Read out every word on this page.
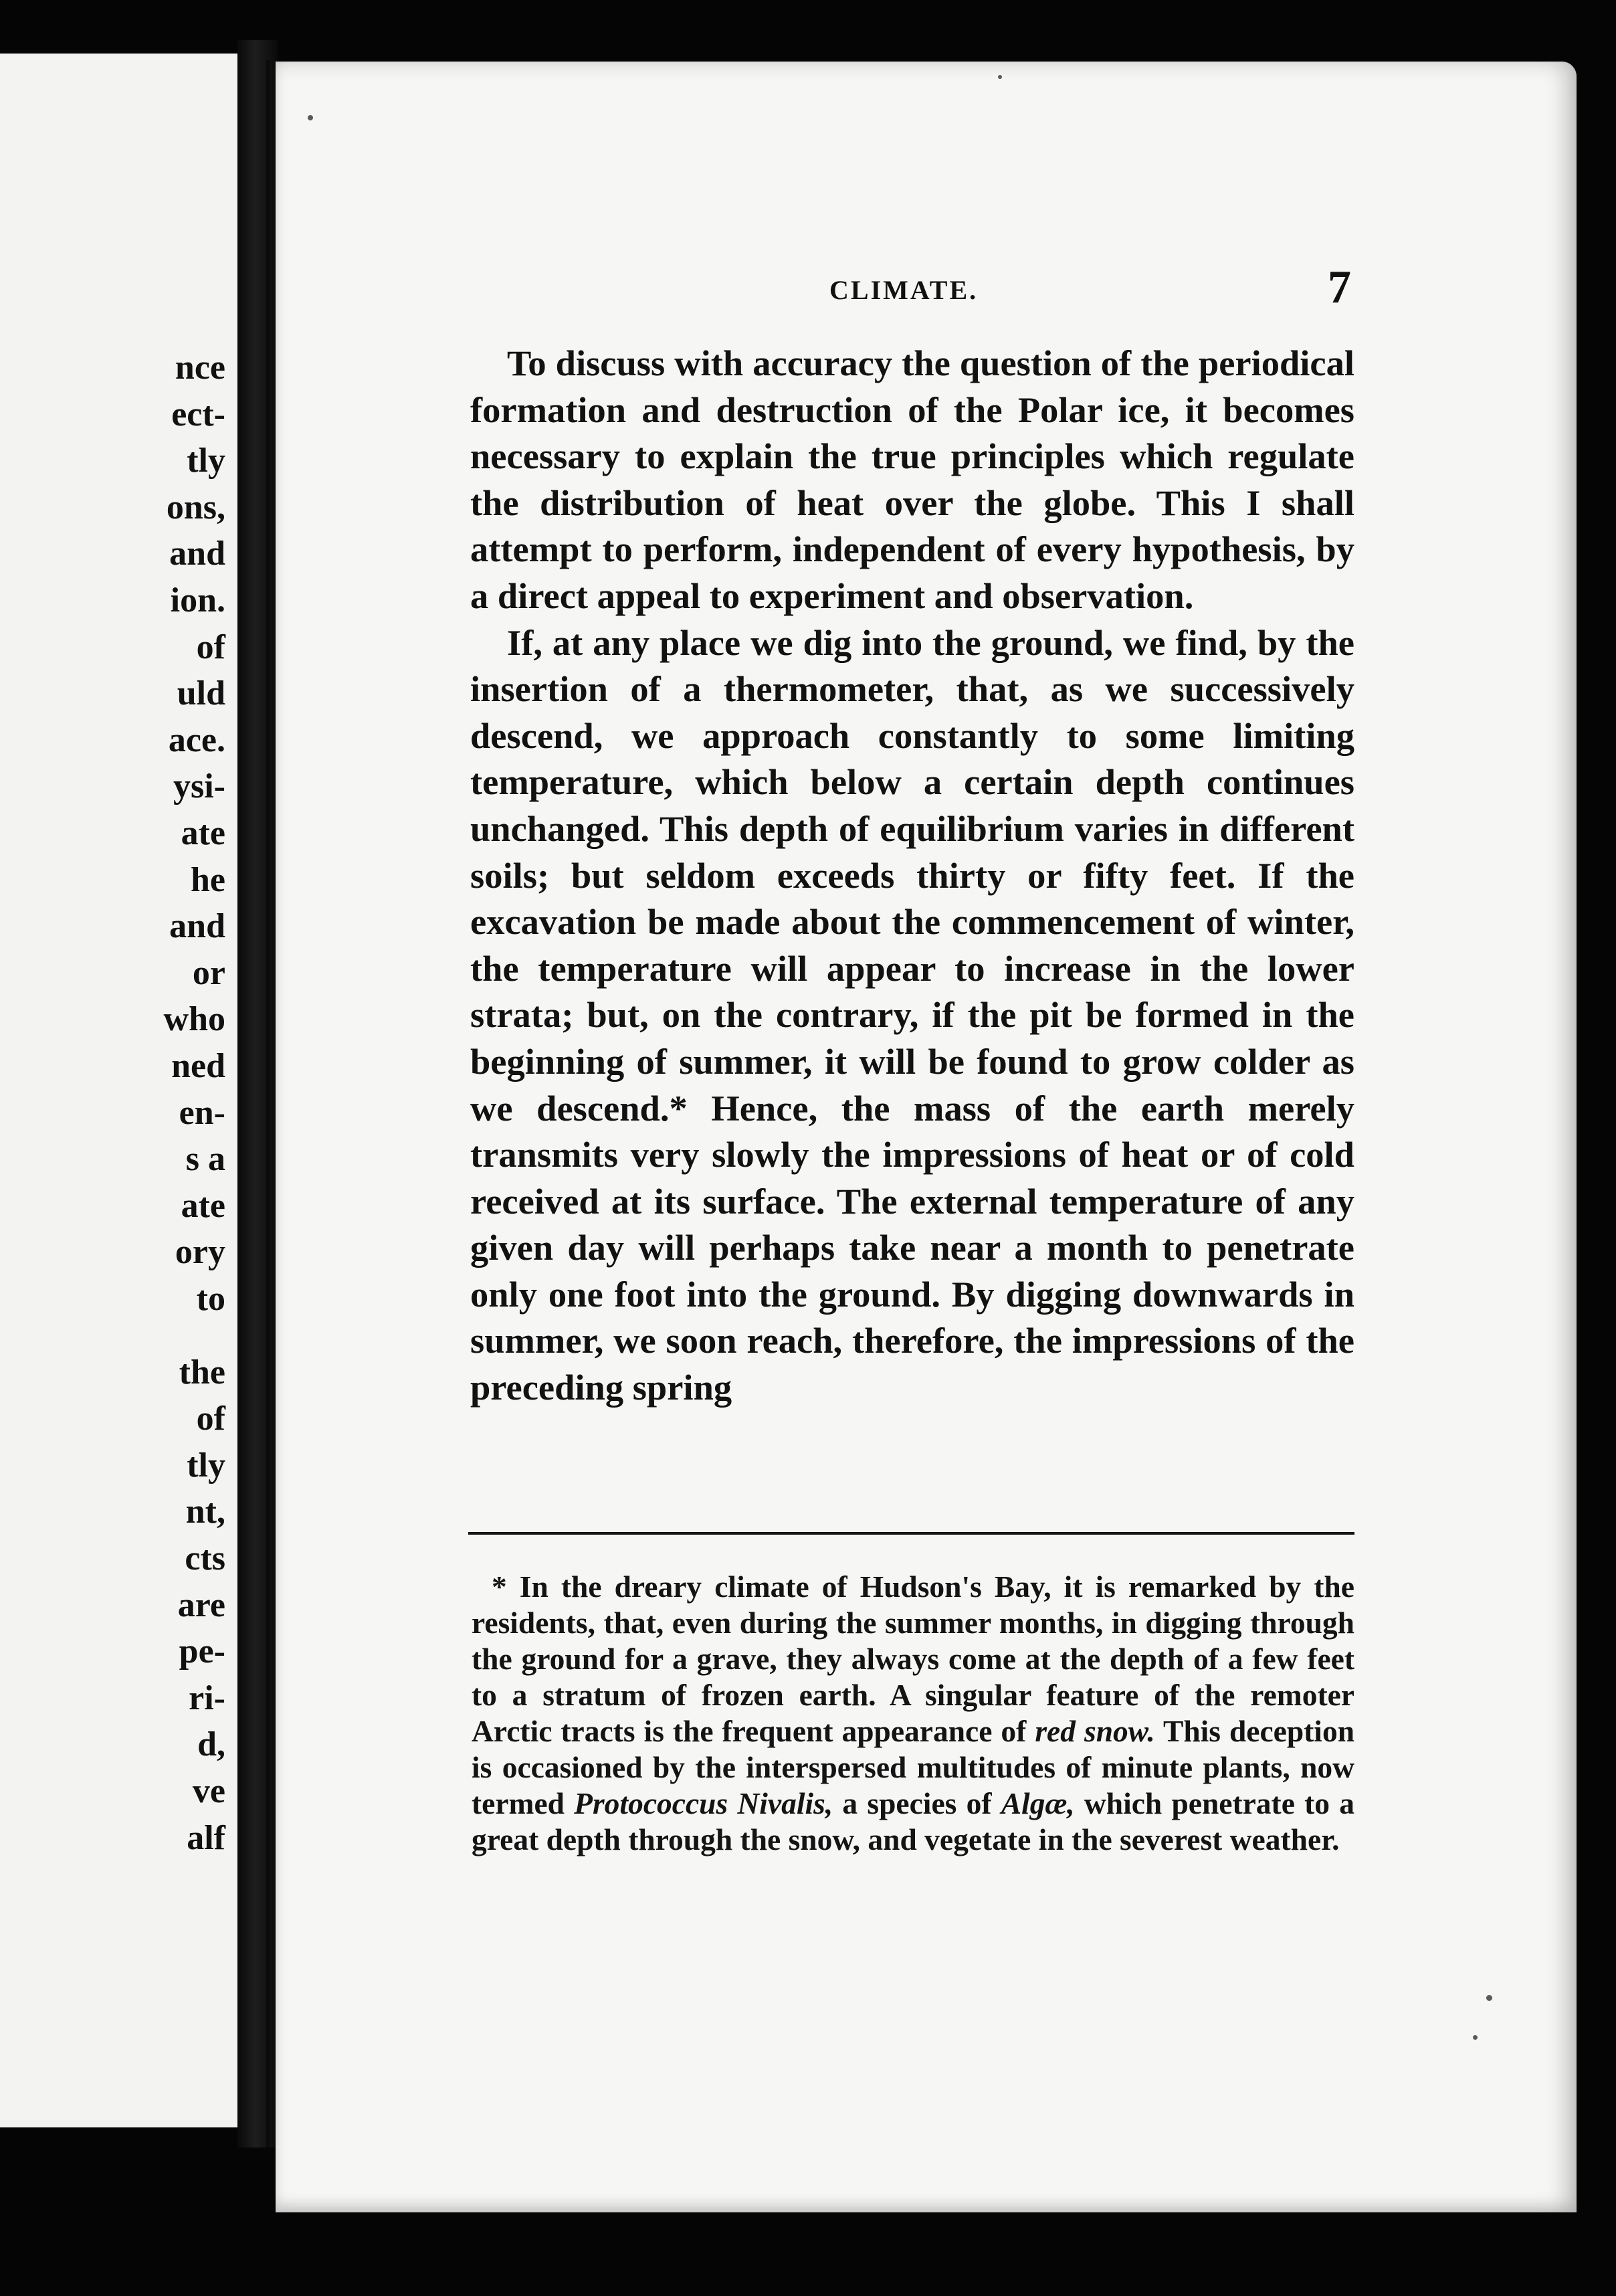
nce
ect-
tly
ons,
and
ion.
of
uld
ace.
ysi-
ate
he
and
or
who
ned
en-
s a
ate
ory
to
the
of
tly
nt,
cts
are
pe-
ri-
d,
ve
alf
CLIMATE.	7

To discuss with accuracy the question of the periodical formation and destruction of the Polar ice, it becomes necessary to explain the true principles which regulate the distribution of heat over the globe. This I shall attempt to perform, independent of every hypothesis, by a direct appeal to experiment and observation.

If, at any place we dig into the ground, we find, by the insertion of a thermometer, that, as we successively descend, we approach constantly to some limiting temperature, which below a certain depth continues unchanged. This depth of equilibrium varies in different soils; but seldom exceeds thirty or fifty feet. If the excavation be made about the commencement of winter, the temperature will appear to increase in the lower strata; but, on the contrary, if the pit be formed in the beginning of summer, it will be found to grow colder as we descend.* Hence, the mass of the earth merely transmits very slowly the impressions of heat or of cold received at its surface. The external temperature of any given day will perhaps take near a month to penetrate only one foot into the ground. By digging downwards in summer, we soon reach, therefore, the impressions of the preceding spring

* In the dreary climate of Hudson's Bay, it is remarked by the residents, that, even during the summer months, in digging through the ground for a grave, they always come at the depth of a few feet to a stratum of frozen earth. A singular feature of the remoter Arctic tracts is the frequent appearance of red snow. This deception is occasioned by the interspersed multitudes of minute plants, now termed Protococcus Nivalis, a species of Algæ, which penetrate to a great depth through the snow, and vegetate in the severest weather.
